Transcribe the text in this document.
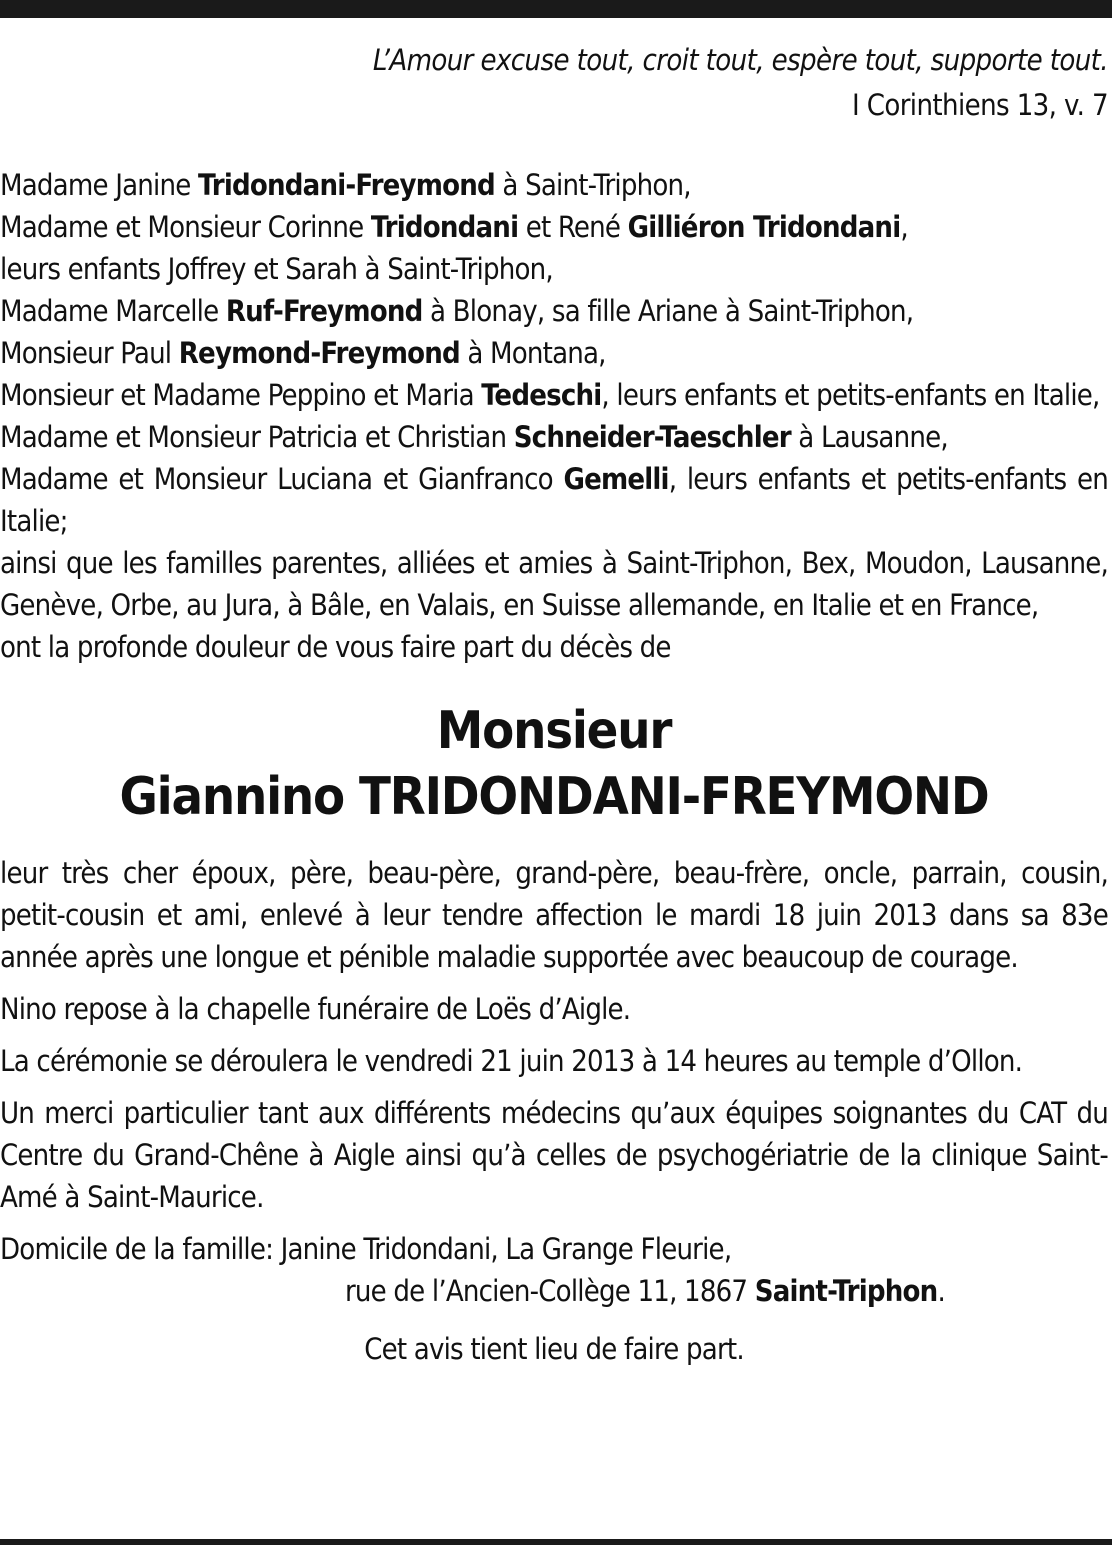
L’Amour excuse tout, croit tout, espère tout, supporte tout.

I Corinthiens 13, v. 7

Madame Janine Tridondani-Freymond à Saint-Triphon,

Madame et Monsieur Corinne Tridondani et René Gilliéron Tridondani,

leurs enfants Joffrey et Sarah à Saint-Triphon,

Madame Marcelle Ruf-Freymond à Blonay, sa fille Ariane à Saint-Triphon,

Monsieur Paul Reymond-Freymond à Montana,

Monsieur et Madame Peppino et Maria Tedeschi, leurs enfants et petits-enfants en Italie,

Madame et Monsieur Patricia et Christian Schneider-Taeschler à Lausanne,

Madame et Monsieur Luciana et Gianfranco Gemelli, leurs enfants et petits-enfants en Italie;

ainsi que les familles parentes, alliées et amies à Saint-Triphon, Bex, Moudon, Lausanne, Genève, Orbe, au Jura, à Bâle, en Valais, en Suisse allemande, en Italie et en France,

ont la profonde douleur de vous faire part du décès de

Monsieur
Giannino TRIDONDANI-FREYMOND

leur très cher époux, père, beau-père, grand-père, beau-frère, oncle, parrain, cousin, petit-cousin et ami, enlevé à leur tendre affection le mardi 18 juin 2013 dans sa 83e année après une longue et pénible maladie supportée avec beaucoup de courage.

Nino repose à la chapelle funéraire de Loës d’Aigle.

La cérémonie se déroulera le vendredi 21 juin 2013 à 14 heures au temple d’Ollon.

Un merci particulier tant aux différents médecins qu’aux équipes soignantes du CAT du Centre du Grand-Chêne à Aigle ainsi qu’à celles de psychogériatrie de la clinique Saint-Amé à Saint-Maurice.

Domicile de la famille: Janine Tridondani, La Grange Fleurie,

rue de l’Ancien-Collège 11, 1867 Saint-Triphon.

Cet avis tient lieu de faire part.
